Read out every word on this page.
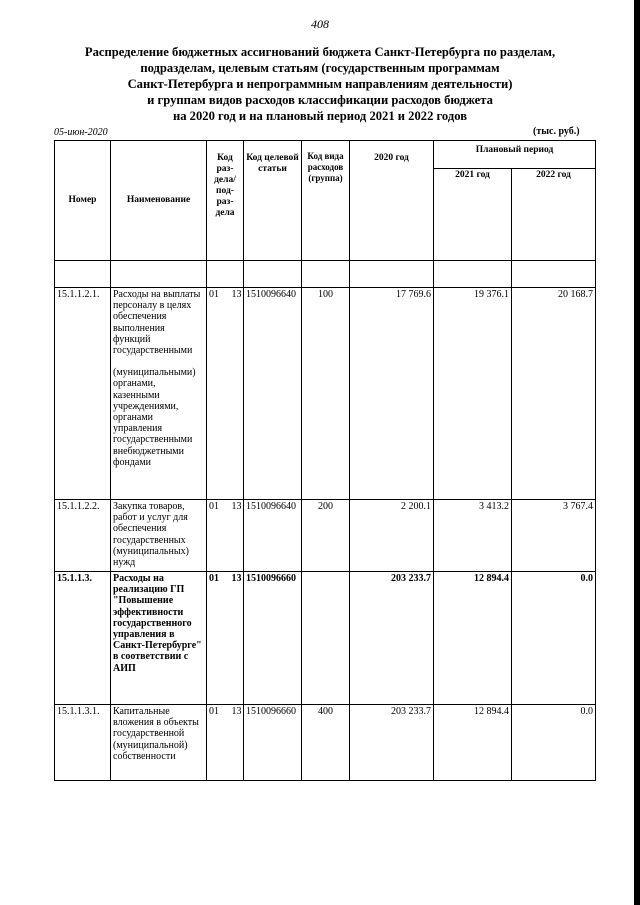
408
Распределение бюджетных ассигнований бюджета Санкт-Петербурга по разделам,
подразделам, целевым статьям (государственным программам
Санкт-Петербурга и непрограммным направлениям деятельности)
и группам видов расходов классификации расходов бюджета
на 2020 год и на плановый период 2021 и 2022 годов
05-июн-2020	(тыс. руб.)
Номер	Наименование	Код раз-дела/ под-раз-дела	Код целевой статьи	Код вида расходов (группа)	2020 год	Плановый период	
						2021 год	2022 год

15.1.1.2.1.	Расходы на выплаты персоналу в целях обеспечения выполнения функций государственными
(муниципальными) органами, казенными учреждениями, органами управления государственными внебюджетными фондами	01 13	1510096640	100	17 769.6	19 376.1	20 168.7
15.1.1.2.2.	Закупка товаров, работ и услуг для обеспечения государственных (муниципальных) нужд	01 13	1510096640	200	2 200.1	3 413.2	3 767.4
15.1.1.3.	Расходы на реализацию ГП "Повышение эффективности государственного управления в Санкт-Петербурге" в соответствии с АИП	01 13	1510096660		203 233.7	12 894.4	0.0
15.1.1.3.1.	Капитальные вложения в объекты государственной (муниципальной) собственности	01 13	1510096660	400	203 233.7	12 894.4	0.0
